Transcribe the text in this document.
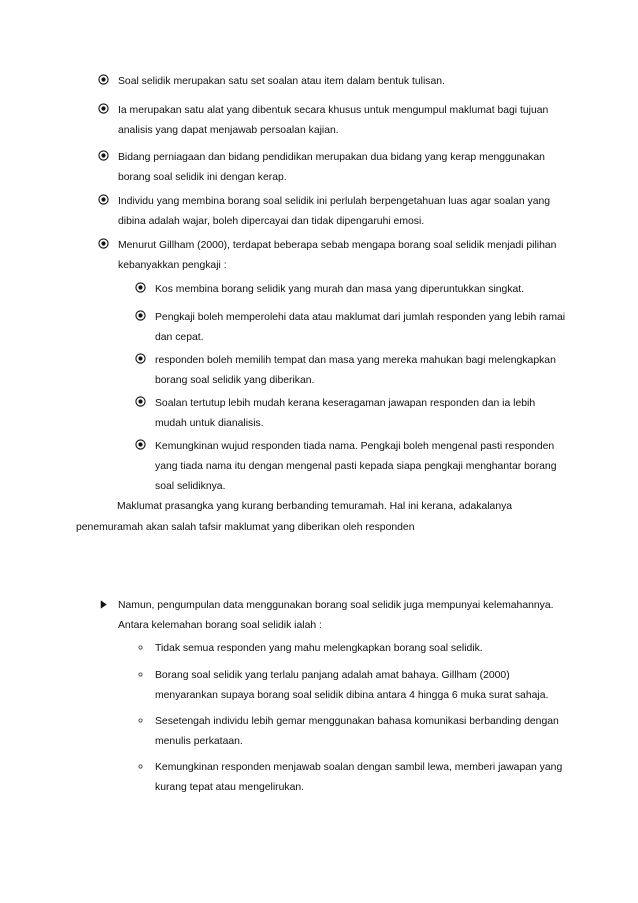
Soal selidik merupakan satu set soalan atau item dalam bentuk tulisan.
Ia merupakan satu alat yang dibentuk secara khusus untuk mengumpul maklumat bagi tujuan analisis yang dapat menjawab persoalan kajian.
Bidang perniagaan dan bidang pendidikan merupakan dua bidang yang kerap menggunakan borang soal selidik ini dengan kerap.
Individu yang membina borang soal selidik ini perlulah berpengetahuan luas agar soalan yang dibina adalah wajar, boleh dipercayai dan tidak dipengaruhi emosi.
Menurut Gillham (2000), terdapat beberapa sebab mengapa borang soal selidik menjadi pilihan kebanyakkan pengkaji :
Kos membina borang selidik yang murah dan masa yang diperuntukkan singkat.
Pengkaji boleh memperolehi data atau maklumat dari jumlah responden yang lebih ramai dan cepat.
responden boleh memilih tempat dan masa yang mereka mahukan bagi melengkapkan borang soal selidik yang diberikan.
Soalan tertutup lebih mudah kerana keseragaman jawapan responden dan ia lebih mudah untuk dianalisis.
Kemungkinan wujud responden tiada nama. Pengkaji boleh mengenal pasti responden yang tiada nama itu dengan mengenal pasti kepada siapa pengkaji menghantar borang soal selidiknya.
Maklumat prasangka yang kurang berbanding temuramah. Hal ini kerana, adakalanya
penemuramah akan salah tafsir maklumat yang diberikan oleh responden
Namun, pengumpulan data menggunakan borang soal selidik juga mempunyai kelemahannya. Antara kelemahan borang soal selidik ialah :
Tidak semua responden yang mahu melengkapkan borang soal selidik.
Borang soal selidik yang terlalu panjang adalah amat bahaya. Gillham (2000) menyarankan supaya borang soal selidik dibina antara 4 hingga 6 muka surat sahaja.
Sesetengah individu lebih gemar menggunakan bahasa komunikasi berbanding dengan menulis perkataan.
Kemungkinan responden menjawab soalan dengan sambil lewa, memberi jawapan yang kurang tepat atau mengelirukan.
